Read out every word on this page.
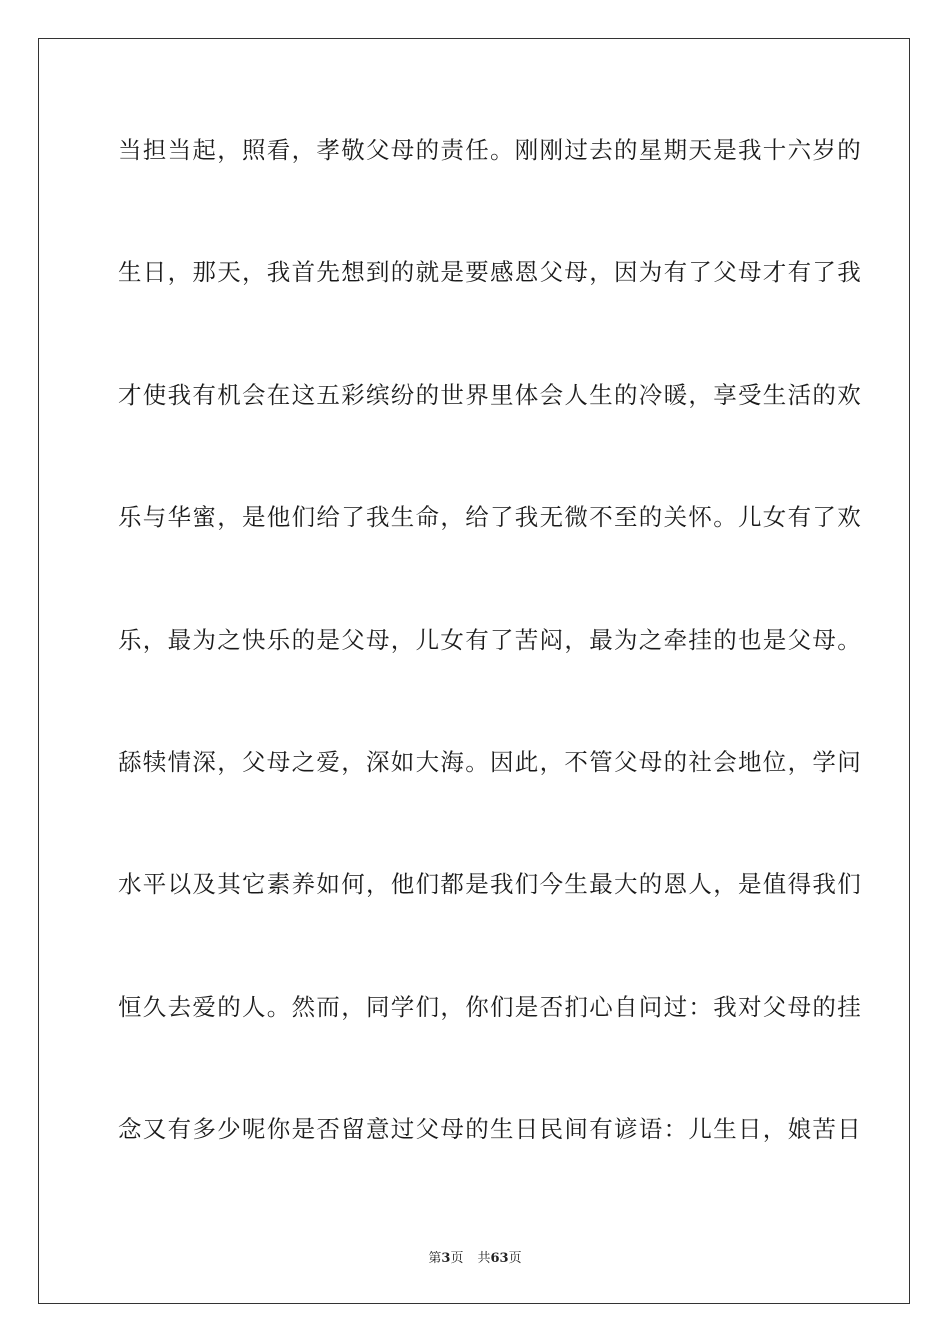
当担当起，照看，孝敬父母的责任。刚刚过去的星期天是我十六岁的
生日，那天，我首先想到的就是要感恩父母，因为有了父母才有了我
才使我有机会在这五彩缤纷的世界里体会人生的冷暖，享受生活的欢
乐与华蜜，是他们给了我生命，给了我无微不至的关怀。儿女有了欢
乐，最为之快乐的是父母，儿女有了苦闷，最为之牵挂的也是父母。
舔犊情深，父母之爱，深如大海。因此，不管父母的社会地位，学问
水平以及其它素养如何，他们都是我们今生最大的恩人，是值得我们
恒久去爱的人。然而，同学们，你们是否扪心自问过：我对父母的挂
念又有多少呢你是否留意过父母的生日民间有谚语：儿生日，娘苦日
第3页 共63页
